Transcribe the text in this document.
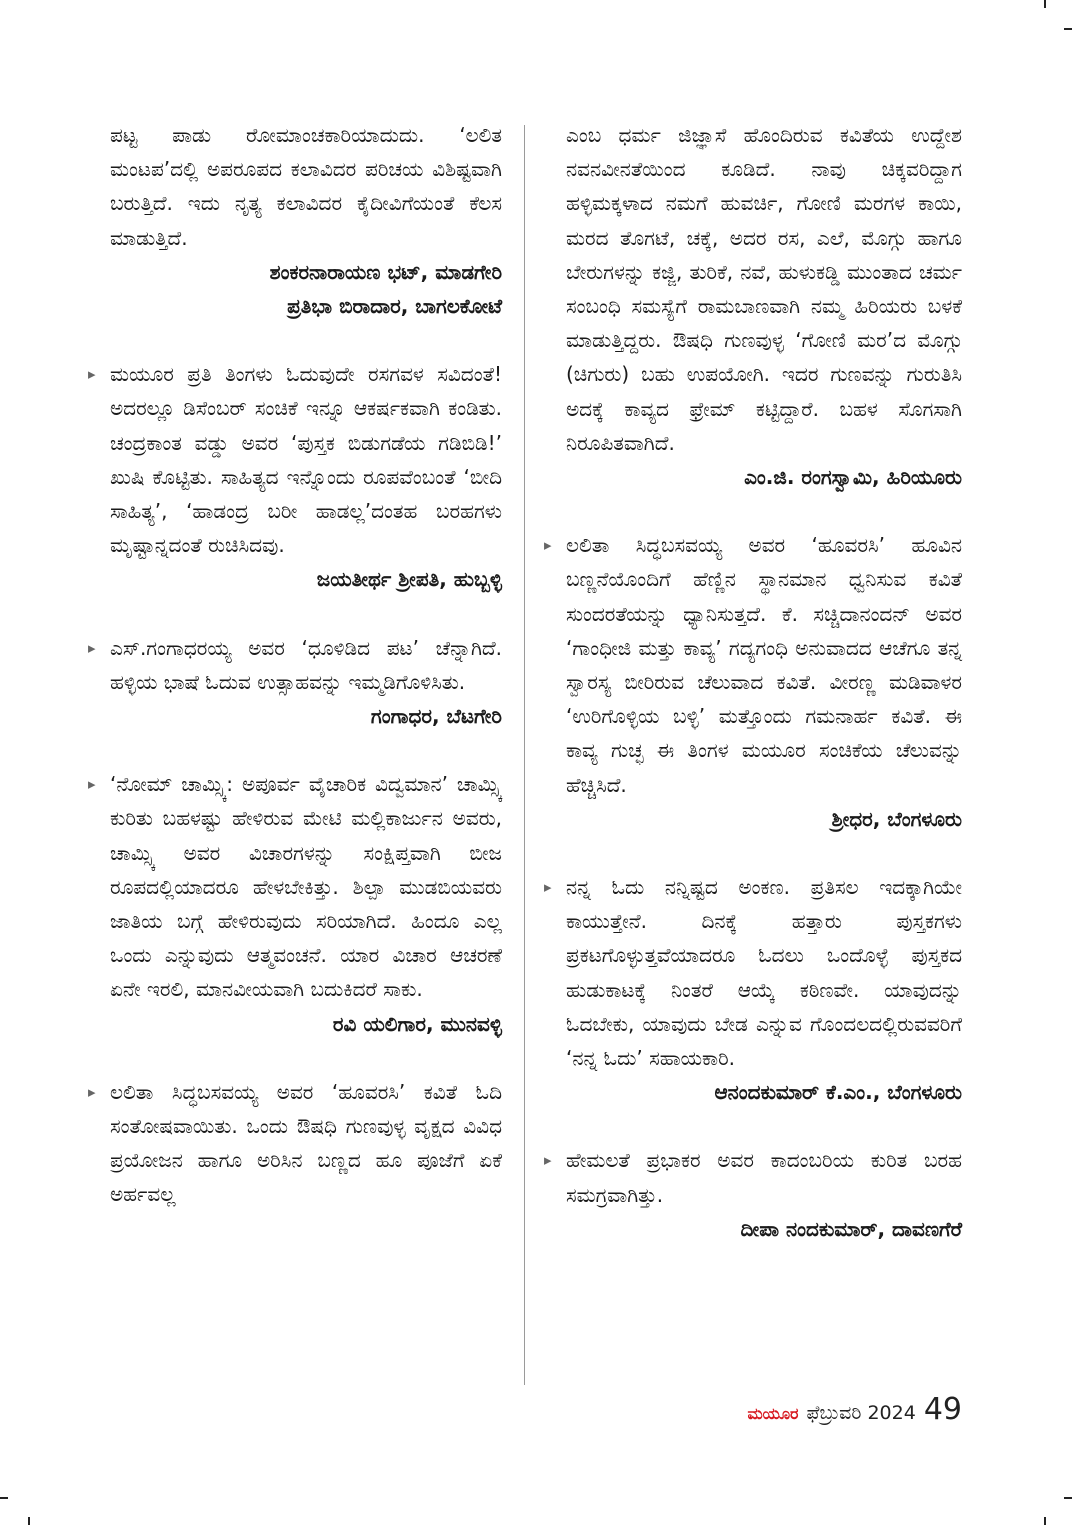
ಪಟ್ಟ ಪಾಡು ರೋಮಾಂಚಕಾರಿಯಾದುದು. ‘ಲಲಿತ ಮಂಟಪ’ದಲ್ಲಿ ಅಪರೂಪದ ಕಲಾವಿದರ ಪರಿಚಯ ವಿಶಿಷ್ಟವಾಗಿ ಬರುತ್ತಿದೆ. ಇದು ನೃತ್ಯ ಕಲಾವಿದರ ಕೈದೀವಿಗೆಯಂತೆ ಕೆಲಸ ಮಾಡುತ್ತಿದೆ.

ಶಂಕರನಾರಾಯಣ ಭಟ್, ಮಾಡಗೇರಿ

ಪ್ರತಿಭಾ ಬಿರಾದಾರ, ಬಾಗಲಕೋಟೆ

▸ ಮಯೂರ ಪ್ರತಿ ತಿಂಗಳು ಓದುವುದೇ ರಸಗವಳ ಸವಿದಂತೆ! ಅದರಲ್ಲೂ ಡಿಸೆಂಬರ್ ಸಂಚಿಕೆ ಇನ್ನೂ ಆಕರ್ಷಕವಾಗಿ ಕಂಡಿತು. ಚಂದ್ರಕಾಂತ ವಡ್ಡು ಅವರ ‘ಪುಸ್ತಕ ಬಿಡುಗಡೆಯ ಗಡಿಬಿಡಿ!’ ಖುಷಿ ಕೊಟ್ಟಿತು. ಸಾಹಿತ್ಯದ ಇನ್ನೊಂದು ರೂಪವೆಂಬಂತೆ ‘ಬೀದಿ ಸಾಹಿತ್ಯ’, ‘ಹಾಡಂದ್ರ ಬರೀ ಹಾಡಲ್ಲ’ದಂತಹ ಬರಹಗಳು ಮೃಷ್ಟಾನ್ನದಂತೆ ರುಚಿಸಿದವು.

ಜಯತೀರ್ಥ ಶ್ರೀಪತಿ, ಹುಬ್ಬಳ್ಳಿ

▸ ಎಸ್.ಗಂಗಾಧರಯ್ಯ ಅವರ ‘ಧೂಳಿಡಿದ ಪಟ’ ಚೆನ್ನಾಗಿದೆ. ಹಳ್ಳಿಯ ಭಾಷೆ ಓದುವ ಉತ್ಸಾಹವನ್ನು ಇಮ್ಮಡಿಗೊಳಿಸಿತು.

ಗಂಗಾಧರ, ಬೆಟಗೇರಿ

▸ ‘ನೋಮ್ ಚಾಮ್ಸ್ಕಿ: ಅಪೂರ್ವ ವೈಚಾರಿಕ ವಿದ್ವಮಾನ’ ಚಾಮ್ಸ್ಕಿ ಕುರಿತು ಬಹಳಷ್ಟು ಹೇಳಿರುವ ಮೇಟಿ ಮಲ್ಲಿಕಾರ್ಜುನ ಅವರು, ಚಾಮ್ಸ್ಕಿ ಅವರ ವಿಚಾರಗಳನ್ನು ಸಂಕ್ಷಿಪ್ತವಾಗಿ ಬೀಜ ರೂಪದಲ್ಲಿಯಾದರೂ ಹೇಳಬೇಕಿತ್ತು. ಶಿಲ್ಪಾ ಮುಡಬಿಯವರು ಜಾತಿಯ ಬಗ್ಗೆ ಹೇಳಿರುವುದು ಸರಿಯಾಗಿದೆ. ಹಿಂದೂ ಎಲ್ಲ ಒಂದು ಎನ್ನುವುದು ಆತ್ಮವಂಚನೆ. ಯಾರ ವಿಚಾರ ಆಚರಣೆ ಏನೇ ಇರಲಿ, ಮಾನವೀಯವಾಗಿ ಬದುಕಿದರೆ ಸಾಕು.

ರವಿ ಯಲಿಗಾರ, ಮುನವಳ್ಳಿ

▸ ಲಲಿತಾ ಸಿದ್ಧಬಸವಯ್ಯ ಅವರ ‘ಹೂವರಸಿ’ ಕವಿತೆ ಓದಿ ಸಂತೋಷವಾಯಿತು. ಒಂದು ಔಷಧಿ ಗುಣವುಳ್ಳ ವೃಕ್ಷದ ವಿವಿಧ ಪ್ರಯೋಜನ ಹಾಗೂ ಅರಿಸಿನ ಬಣ್ಣದ ಹೂ ಪೂಜೆಗೆ ಏಕೆ ಅರ್ಹವಲ್ಲ

ಎಂಬ ಧರ್ಮ ಜಿಜ್ಞಾಸೆ ಹೊಂದಿರುವ ಕವಿತೆಯ ಉದ್ದೇಶ ನವನವೀನತೆಯಿಂದ ಕೂಡಿದೆ. ನಾವು ಚಿಕ್ಕವರಿದ್ದಾಗ ಹಳ್ಳಿಮಕ್ಕಳಾದ ನಮಗೆ ಹುವರ್ಚಿ, ಗೋಣಿ ಮರಗಳ ಕಾಯಿ, ಮರದ ತೊಗಟೆ, ಚಕ್ಕೆ, ಅದರ ರಸ, ಎಲೆ, ಮೊಗ್ಗು ಹಾಗೂ ಬೇರುಗಳನ್ನು ಕಜ್ಜಿ, ತುರಿಕೆ, ನವೆ, ಹುಳುಕಡ್ಡಿ ಮುಂತಾದ ಚರ್ಮ ಸಂಬಂಧಿ ಸಮಸ್ಯೆಗೆ ರಾಮಬಾಣವಾಗಿ ನಮ್ಮ ಹಿರಿಯರು ಬಳಕೆ ಮಾಡುತ್ತಿದ್ದರು. ಔಷಧಿ ಗುಣವುಳ್ಳ ‘ಗೋಣಿ ಮರ’ದ ಮೊಗ್ಗು (ಚಿಗುರು) ಬಹು ಉಪಯೋಗಿ. ಇದರ ಗುಣವನ್ನು ಗುರುತಿಸಿ ಅದಕ್ಕೆ ಕಾವ್ಯದ ಫ್ರೇಮ್ ಕಟ್ಟಿದ್ದಾರೆ. ಬಹಳ ಸೊಗಸಾಗಿ ನಿರೂಪಿತವಾಗಿದೆ.

ಎಂ.ಜಿ. ರಂಗಸ್ವಾಮಿ, ಹಿರಿಯೂರು

▸ ಲಲಿತಾ ಸಿದ್ಧಬಸವಯ್ಯ ಅವರ ‘ಹೂವರಸಿ’ ಹೂವಿನ ಬಣ್ಣನೆಯೊಂದಿಗೆ ಹೆಣ್ಣಿನ ಸ್ಥಾನಮಾನ ಧ್ವನಿಸುವ ಕವಿತೆ ಸುಂದರತೆಯನ್ನು ಧ್ಯಾನಿಸುತ್ತದೆ. ಕೆ. ಸಚ್ಚಿದಾನಂದನ್ ಅವರ ‘ಗಾಂಧೀಜಿ ಮತ್ತು ಕಾವ್ಯ’ ಗದ್ಯಗಂಧಿ ಅನುವಾದದ ಆಚೆಗೂ ತನ್ನ ಸ್ವಾರಸ್ಯ ಬೀರಿರುವ ಚೆಲುವಾದ ಕವಿತೆ. ವೀರಣ್ಣ ಮಡಿವಾಳರ ‘ಉರಿಗೊಳ್ಳಿಯ ಬಳ್ಳಿ’ ಮತ್ತೊಂದು ಗಮನಾರ್ಹ ಕವಿತೆ. ಈ ಕಾವ್ಯ ಗುಚ್ಛ ಈ ತಿಂಗಳ ಮಯೂರ ಸಂಚಿಕೆಯ ಚೆಲುವನ್ನು ಹೆಚ್ಚಿಸಿದೆ.

ಶ್ರೀಧರ, ಬೆಂಗಳೂರು

▸ ನನ್ನ ಓದು ನನ್ನಿಷ್ಟದ ಅಂಕಣ. ಪ್ರತಿಸಲ ಇದಕ್ಕಾಗಿಯೇ ಕಾಯುತ್ತೇನೆ. ದಿನಕ್ಕೆ ಹತ್ತಾರು ಪುಸ್ತಕಗಳು ಪ್ರಕಟಗೊಳ್ಳುತ್ತವೆಯಾದರೂ ಓದಲು ಒಂದೊಳ್ಳೆ ಪುಸ್ತಕದ ಹುಡುಕಾಟಕ್ಕೆ ನಿಂತರೆ ಆಯ್ಕೆ ಕಠಿಣವೇ. ಯಾವುದನ್ನು ಓದಬೇಕು, ಯಾವುದು ಬೇಡ ಎನ್ನುವ ಗೊಂದಲದಲ್ಲಿರುವವರಿಗೆ ‘ನನ್ನ ಓದು’ ಸಹಾಯಕಾರಿ.

ಆನಂದಕುಮಾರ್ ಕೆ.ಎಂ., ಬೆಂಗಳೂರು

▸ ಹೇಮಲತೆ ಪ್ರಭಾಕರ ಅವರ ಕಾದಂಬರಿಯ ಕುರಿತ ಬರಹ ಸಮಗ್ರವಾಗಿತ್ತು.

ದೀಪಾ ನಂದಕುಮಾರ್, ದಾವಣಗೆರೆ

ಮಯೂರ ಫೆಬ್ರುವರಿ 2024 49
